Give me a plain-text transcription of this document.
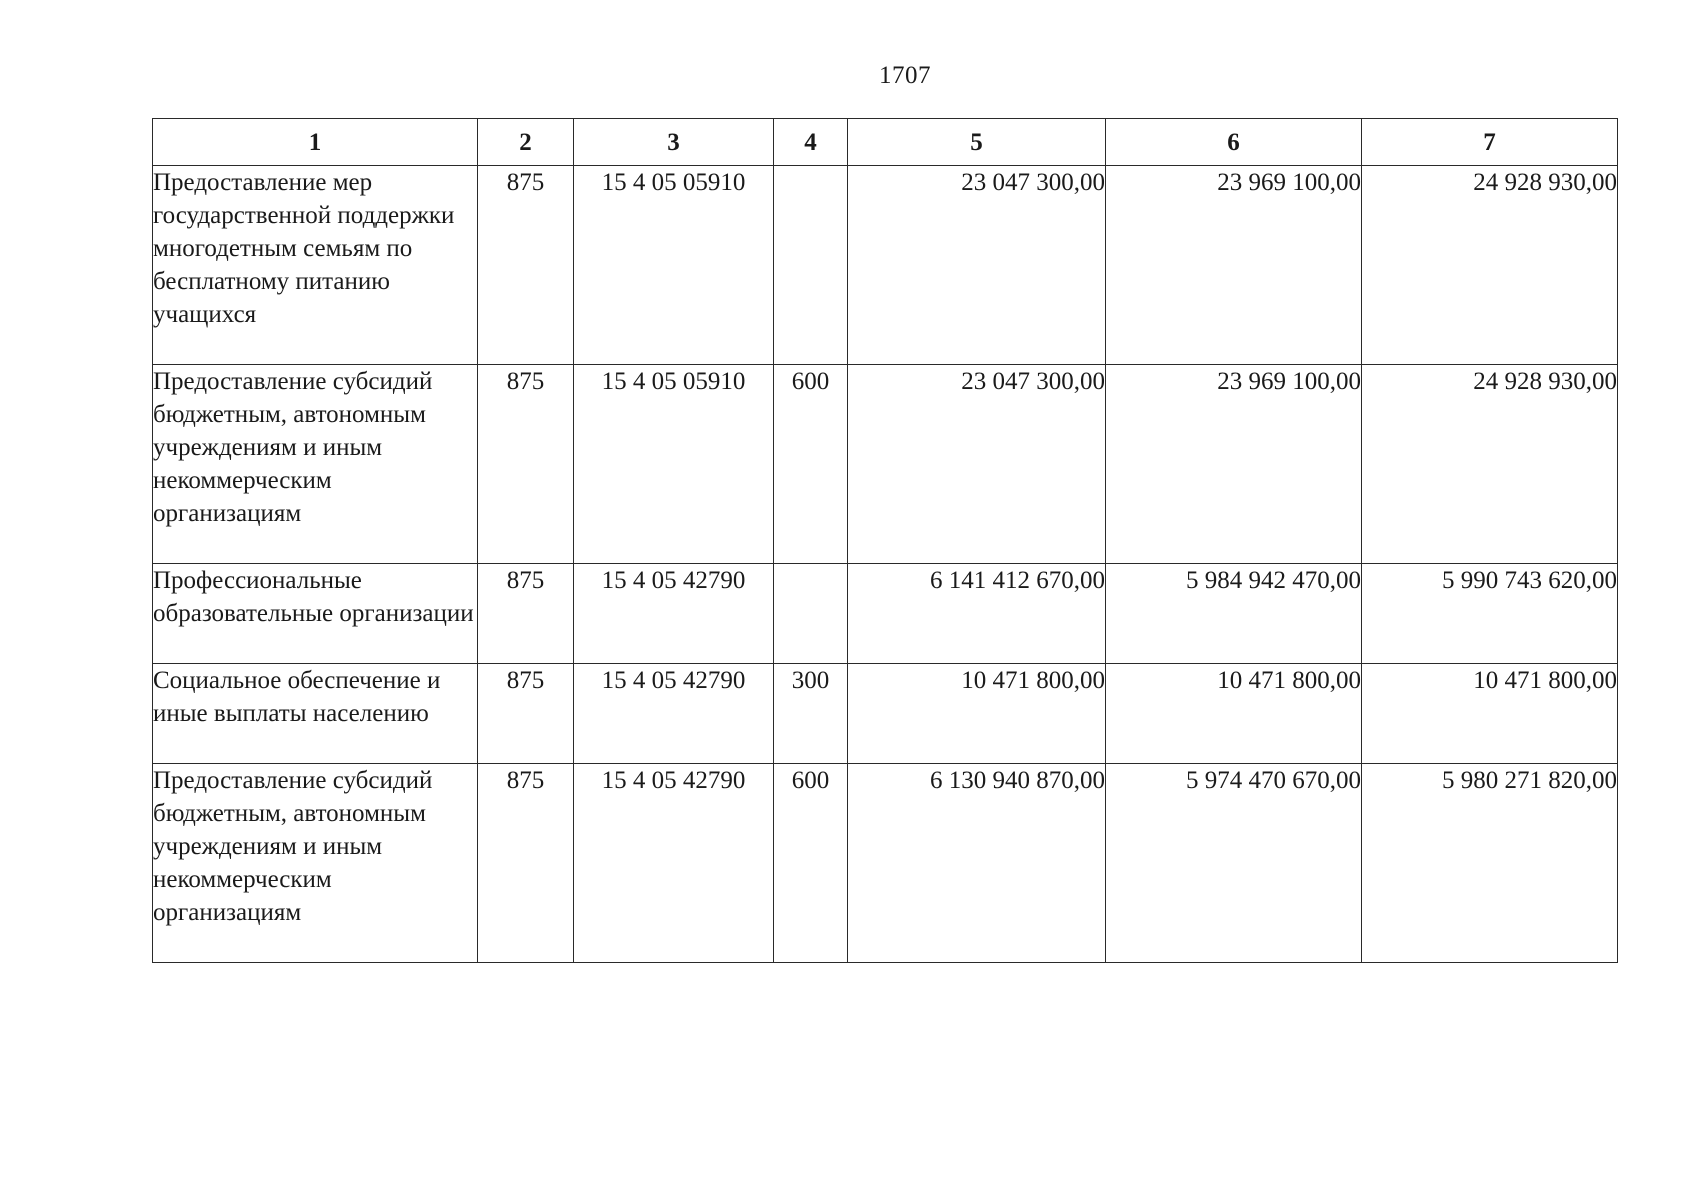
1707
1	2	3	4	5	6	7
Предоставление мер государственной поддержки многодетным семьям по бесплатному питанию учащихся	875	15 4 05 05910		23 047 300,00	23 969 100,00	24 928 930,00
Предоставление субсидий бюджетным, автономным учреждениям и иным некоммерческим организациям	875	15 4 05 05910	600	23 047 300,00	23 969 100,00	24 928 930,00
Профессиональные образовательные организации	875	15 4 05 42790		6 141 412 670,00	5 984 942 470,00	5 990 743 620,00
Социальное обеспечение и иные выплаты населению	875	15 4 05 42790	300	10 471 800,00	10 471 800,00	10 471 800,00
Предоставление субсидий бюджетным, автономным учреждениям и иным некоммерческим организациям	875	15 4 05 42790	600	6 130 940 870,00	5 974 470 670,00	5 980 271 820,00
